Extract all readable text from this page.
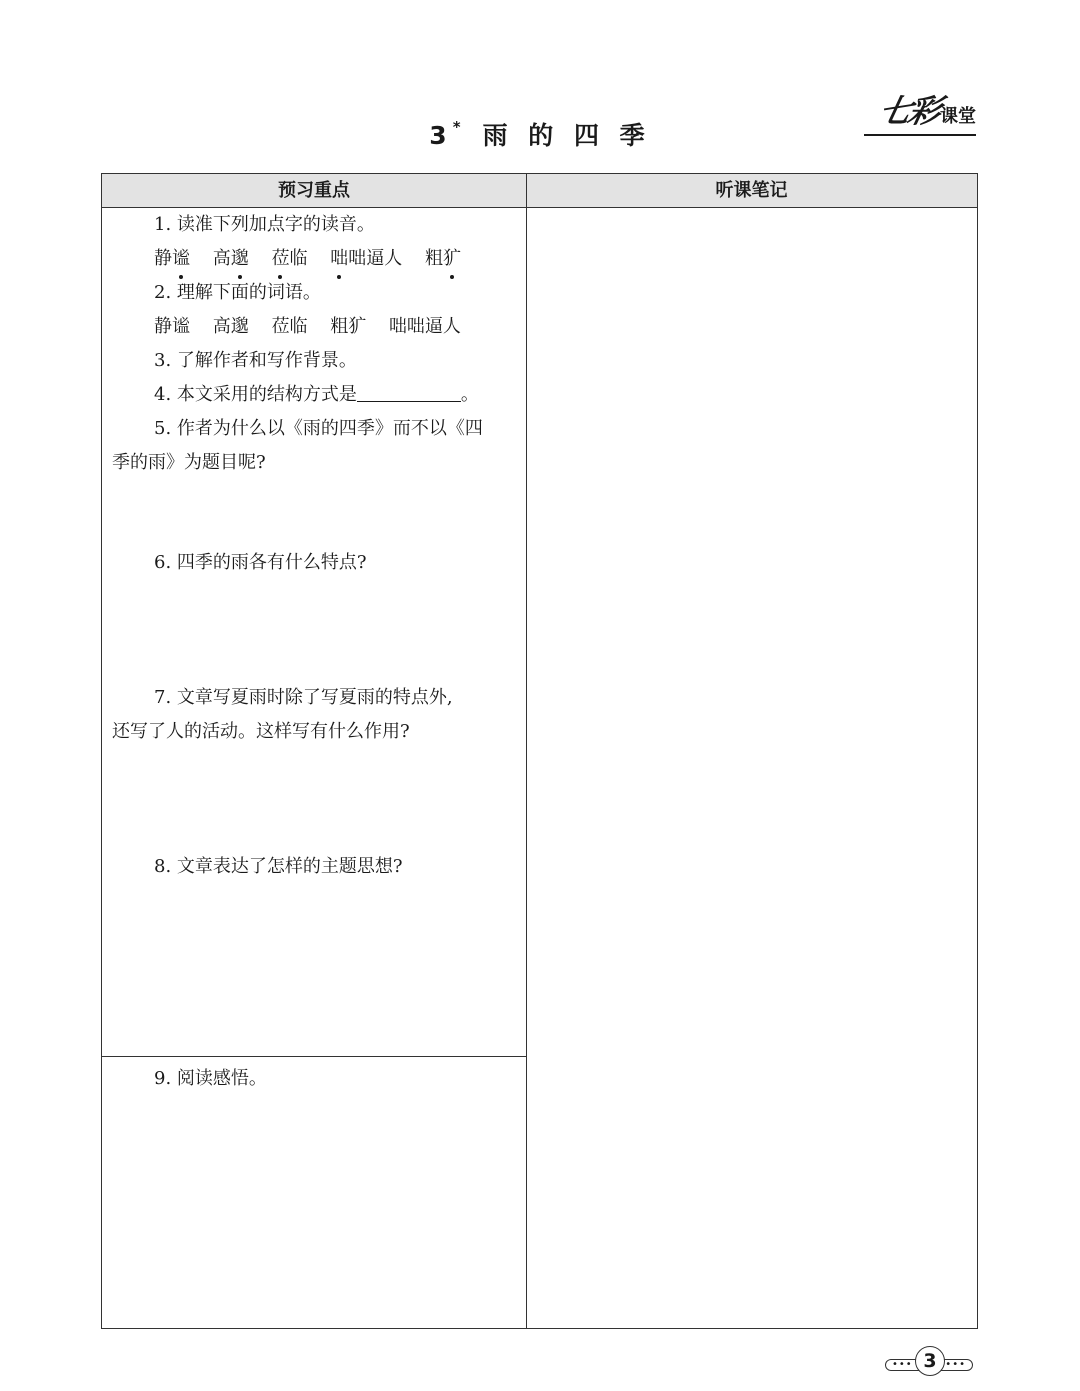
七彩
课堂
3* 雨 的 四 季
预习重点	听课笔记
1. 读准下列加点字的读音。
静谧 高邈 莅临 咄咄逼人 粗犷
2. 理解下面的词语。
静谧 高邈 莅临 粗犷 咄咄逼人
3. 了解作者和写作背景。
4. 本文采用的结构方式是	。
5. 作者为什么以《雨的四季》而不以《四
季的雨》为题目呢?
6. 四季的雨各有什么特点?
7. 文章写夏雨时除了写夏雨的特点外,
还写了人的活动。这样写有什么作用?
8. 文章表达了怎样的主题思想?
9. 阅读感悟。
•••	•••
3
